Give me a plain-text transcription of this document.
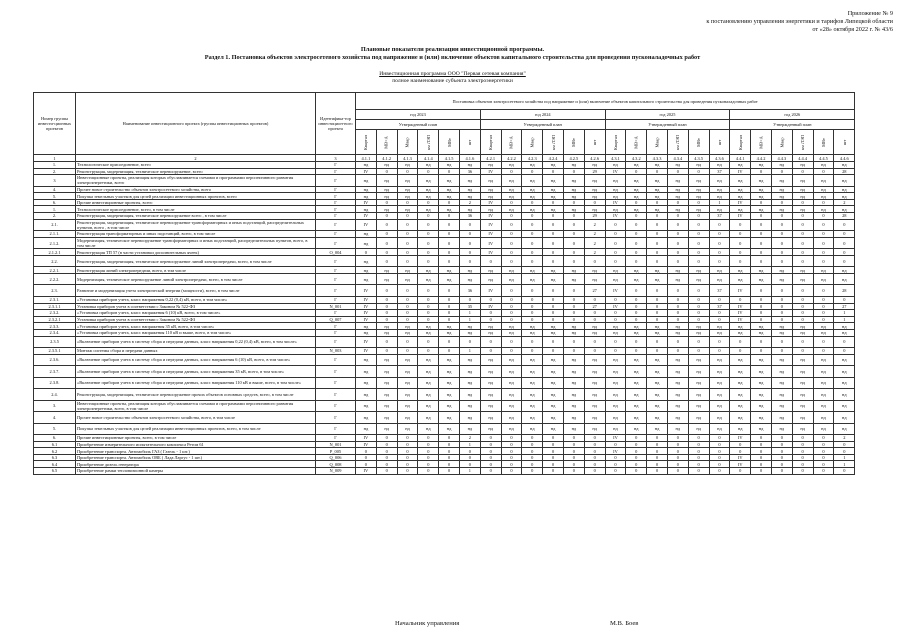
Приложение № 9
к постановлению управления энергетики и тарифов Липецкой области
от «28» октября 2022 г. № 43/6
Плановые показатели реализации инвестиционной программы.
Раздел 1. Постановка объектов электросетевого хозяйства под напряжение и (или) включение объектов капитального строительства для проведения пусконаладочных работ
Инвестиционная программа ООО "Первая сетевая компания"
полное наименование субъекта электроэнергетики
Номер группы инвести-ционных проектов	Наименование инвестиционного проекта (группы инвестиционных проектов)	Идентифика-тор инвестицион-ного проекта	Постановка объектов электросетевого хозяйства под напряжение и (или) включение объектов капитального строительства для проведения пусконаладочных работ																							
			год 2023						год 2024						год 2025						год 2026					
			Утвержденный план						Утвержденный план						Утвержденный план						Утвержденный план					
			Квартал	МВ×А	Мвар	км ЛЭП	МВт	шт	Квартал	МВ×А	Мвар	км ЛЭП	МВт	шт	Квартал	МВ×А	Мвар	км ЛЭП	МВт	шт	Квартал	МВ×А	Мвар	км ЛЭП	МВт	шт
1	2	3	4.1.1	4.1.2	4.1.3	4.1.4	4.1.5	4.1.6	4.2.1	4.2.2	4.2.3	4.2.4	4.2.5	4.2.6	4.3.1	4.3.2	4.3.3	4.3.4	4.3.5	4.3.6	4.4.1	4.4.2	4.4.3	4.4.4	4.4.5	4.4.6
1.	Технологическое присоединение, всего	Г	нд	нд	нд	нд	нд	нд	нд	нд	нд	нд	нд	нд	нд	нд	нд	нд	нд	нд	нд	нд	нд	нд	нд	нд
2.	Реконструкция, модернизация, техническое перевооружение, всего	Г	IV	0	0	0	0	36	IV	0	0	0	0	29	IV	0	0	0	0	37	IV	0	0	0	0	28
3	Инвестиционные проекты, реализация которых обуславливается схемами и программами перспективного развития электроэнергетики, всего	Г	нд	нд	нд	нд	нд	нд	нд	нд	нд	нд	нд	нд	нд	нд	нд	нд	нд	нд	нд	нд	нд	нд	нд	нд
4.	Прочее новое строительство объектов электросетевого хозяйства, всего	Г	нд	нд	нд	нд	нд	нд	нд	нд	нд	нд	нд	нд	нд	нд	нд	нд	нд	нд	нд	нд	нд	нд	нд	нд
5.	Покупка земельных участков для целей реализации инвестиционных проектов, всего	Г	нд	нд	нд	нд	нд	нд	нд	нд	нд	нд	нд	нд	нд	нд	нд	нд	нд	нд	нд	нд	нд	нд	нд	нд
6.	Прочие инвестиционные проекты, всего	Г	IV	0	0	0	0	2	IV	0	0	0	0	0	IV	0	0	0	0	1	IV	0	0	0	0	2
1.	Технологическое присоединение, всего, в том числе	Г	нд	нд	нд	нд	нд	нд	нд	нд	нд	нд	нд	нд	нд	нд	нд	нд	нд	нд	нд	нд	нд	нд	нд	нд
2.	Реконструкция, модернизация, техническое перевооружение всего , в том числе	Г	IV	0	0	0	0	36	IV	0	0	0	0	29	IV	0	0	0	0	37	IV	0	0	0	0	28
2.1.	Реконструкция, модернизация, техническое перевооружение трансформаторных и иных подстанций, распределительных пунктов, всего , в том числе	Г	IV	0	0	0	0	0	IV	0	0	0	0	2	0	0	0	0	0	0	0	0	0	0	0	0
2.1.1.	Реконструкция трансформаторных и иных подстанций, всего, в том числе	Г	нд	0	0	0	0	0	IV	0	0	0	0	2	0	0	0	0	0	0	0	0	0	0	0	0
2.1.2.	Модернизация, техническое перевооружение трансформаторных и иных подстанций, распределительных пунктов, всего, в том числе	Г	нд	0	0	0	0	0	IV	0	0	0	0	2	0	0	0	0	0	0	0	0	0	0	0	0
2.1.2.1	Реконструкция ТП 57 (в части установки дополнительных ячеек)	O_004	0	0	0	0	0	0	IV	0	0	0	0	2	0	0	0	0	0	0	0	0	0	0	0	0
2.2.	Реконструкция, модернизация, техническое перевооружение линий электропередачи, всего, в том числе	Г	нд	0	0	0	0	0	0	0	0	0	0	0	0	0	0	0	0	0	0	0	0	0	0	0
2.2.1.	Реконструкция линий электропередачи, всего, в том числе	Г	нд	нд	нд	нд	нд	нд	нд	нд	нд	нд	нд	нд	нд	нд	нд	нд	нд	нд	нд	нд	нд	нд	нд	нд
2.2.2.	Модернизация, техническое перевооружение линий электропередачи, всего, в том числе	Г	нд	нд	нд	нд	нд	нд	нд	нд	нд	нд	нд	нд	нд	нд	нд	нд	нд	нд	нд	нд	нд	нд	нд	нд
2.3.	Развитие и модернизация учета электрической энергии (мощности), всего, в том числе	Г	IV	0	0	0	0	36	IV	0	0	0	0	27	IV	0	0	0	0	37	IV	0	0	0	0	28
2.3.1.	«Установка приборов учета, класс напряжения 0,22 (0,4) кВ, всего, в том числе»	Г	IV	0	0	0	0	0	0	0	0	0	0	0	0	0	0	0	0	0	0	0	0	0	0	0
2.3.1.1	Установка приборов учета в соответствии с Законом № 522-ФЗ	N_001	IV	0	0	0	0	35	IV	0	0	0	0	27	IV	0	0	0	0	37	IV	0	0	0	0	27
2.3.2.	«Установка приборов учета, класс напряжения 6 (10) кВ, всего, в том числе»	Г	IV	0	0	0	0	1	0	0	0	0	0	0	0	0	0	0	0	0	IV	0	0	0	0	1
2.3.2.1	Установка приборов учета в соответствии с Законом № 522-ФЗ	Q_007	IV	0	0	0	0	1	0	0	0	0	0	0	0	0	0	0	0	0	IV	0	0	0	0	1
2.3.3.	«Установка приборов учета, класс напряжения 35 кВ, всего, в том числе»	Г	нд	нд	нд	нд	нд	нд	нд	нд	нд	нд	нд	нд	нд	нд	нд	нд	нд	нд	нд	нд	нд	нд	нд	нд
2.3.4.	«Установка приборов учета, класс напряжения 110 кВ и выше, всего, в том числе»	Г	нд	нд	нд	нд	нд	нд	нд	нд	нд	нд	нд	нд	нд	нд	нд	нд	нд	нд	нд	нд	нд	нд	нд	нд
2.3.5	«Включение приборов учета в систему сбора и передачи данных, класс напряжения 0,22 (0,4) кВ, всего, в том числе»	Г	IV	0	0	0	0	0	0	0	0	0	0	0	0	0	0	0	0	0	0	0	0	0	0	0
2.3.5.1	Монтаж системы сбора и передачи данных	N_003	IV	0	0	0	0	1	0	0	0	0	0	0	0	0	0	0	0	0	0	0	0	0	0	0
2.3.6.	«Включение приборов учета в систему сбора и передачи данных, класс напряжения 6 (10) кВ, всего, в том числе»	Г	нд	нд	нд	нд	нд	нд	нд	нд	нд	нд	нд	нд	нд	нд	нд	нд	нд	нд	нд	нд	нд	нд	нд	нд
2.3.7.	«Включение приборов учета в систему сбора и передачи данных, класс напряжения 35 кВ, всего, в том числе»	Г	нд	нд	нд	нд	нд	нд	нд	нд	нд	нд	нд	нд	нд	нд	нд	нд	нд	нд	нд	нд	нд	нд	нд	нд
2.3.8.	«Включение приборов учета в систему сбора и передачи данных, класс напряжения 110 кВ и выше, всего, в том числе»	Г	нд	нд	нд	нд	нд	нд	нд	нд	нд	нд	нд	нд	нд	нд	нд	нд	нд	нд	нд	нд	нд	нд	нд	нд
2.4.	Реконструкция, модернизация, техническое перевооружение прочих объектов основных средств, всего, в том числе	Г	нд	нд	нд	нд	нд	нд	нд	нд	нд	нд	нд	нд	нд	нд	нд	нд	нд	нд	нд	нд	нд	нд	нд	нд
3.	Инвестиционные проекты, реализация которых обуславливается схемами и программами перспективного развития электроэнергетики, всего, в том числе	Г	нд	нд	нд	нд	нд	нд	нд	нд	нд	нд	нд	нд	нд	нд	нд	нд	нд	нд	нд	нд	нд	нд	нд	нд
4.	Прочее новое строительство объектов электросетевого хозяйства, всего, в том числе	Г	нд	нд	нд	нд	нд	нд	нд	нд	нд	нд	нд	нд	нд	нд	нд	нд	нд	нд	нд	нд	нд	нд	нд	нд
5.	Покупка земельных участков для целей реализации инвестиционных проектов, всего, в том числе	Г	нд	нд	нд	нд	нд	нд	нд	нд	нд	нд	нд	нд	нд	нд	нд	нд	нд	нд	нд	нд	нд	нд	нд	нд
6.	Прочие инвестиционные проекты, всего, в том числе	Г	IV	0	0	0	0	2	0	0	0	0	0	0	IV	0	0	0	0	0	IV	0	0	0	0	2
6.1	Приобретение измерительного испытательного комплекса Ретом 61	N_001	IV	0	0	0	0	1	0	0	0	0	0	0	0	0	0	0	0	0	0	0	0	0	0	0
6.2	Приобретение транспорта. Автомобиль ГАЗ ( Газель - 1 шт.)	P_005	0	0	0	0	0	0	0	0	0	0	0	0	IV	0	0	0	0	0	0	0	0	0	0	0
6.3	Приобретение транспорта. Автомобиль ОВБ ( Лада Ларгус - 1 шт.)	Q_006	0	0	0	0	0	0	0	0	0	0	0	0	0	0	0	0	0	0	IV	0	0	0	0	1
6.4	Приобретение дизель генератора	Q_008	0	0	0	0	0	0	0	0	0	0	0	0	0	0	0	0	0	0	IV	0	0	0	0	1
6.5	Приобретение рамки тепловизионной камеры	N_009	IV	0	0	0	0	1	0	0	0	0	0	0	0	0	0	0	0	0	0	0	0	0	0	0
Начальник управления	М.В. Боев
